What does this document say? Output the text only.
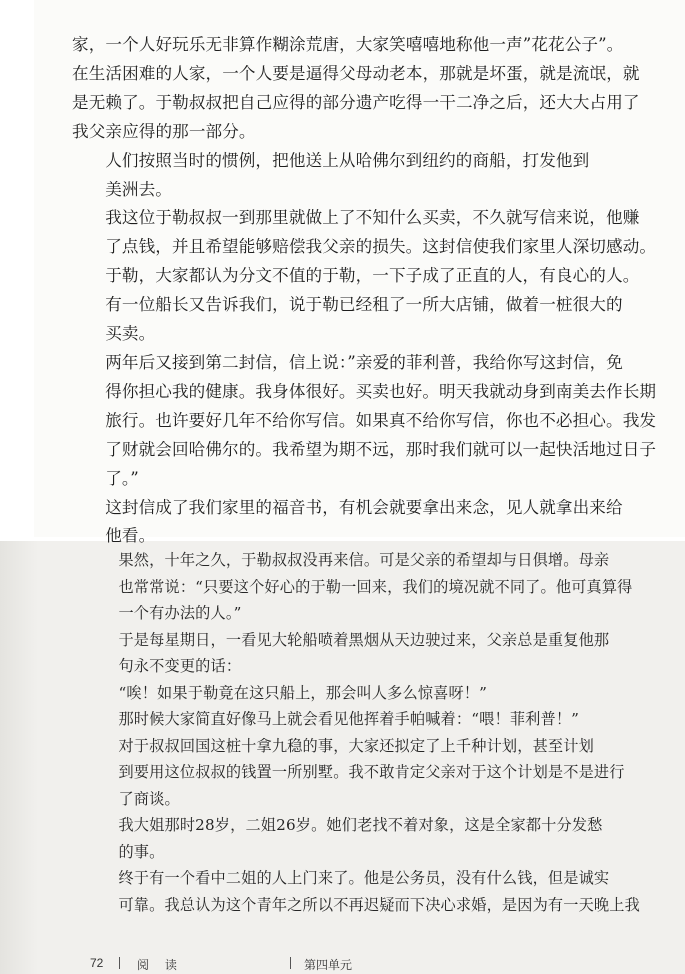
家，一个人好玩乐无非算作糊涂荒唐，大家笑嘻嘻地称他一声”花花公子”。
在生活困难的人家，一个人要是逼得父母动老本，那就是坏蛋，就是流氓，就
是无赖了。于勒叔叔把自己应得的部分遗产吃得一干二净之后，还大大占用了
我父亲应得的那一部分。

人们按照当时的惯例，把他送上从哈佛尔到纽约的商船，打发他到
美洲去。

我这位于勒叔叔一到那里就做上了不知什么买卖，不久就写信来说，他赚
了点钱，并且希望能够赔偿我父亲的损失。这封信使我们家里人深切感动。
于勒，大家都认为分文不值的于勒，一下子成了正直的人，有良心的人。

有一位船长又告诉我们，说于勒已经租了一所大店铺，做着一桩很大的
买卖。

两年后又接到第二封信，信上说：”亲爱的菲利普，我给你写这封信，免
得你担心我的健康。我身体很好。买卖也好。明天我就动身到南美去作长期
旅行。也许要好几年不给你写信。如果真不给你写信，你也不必担心。我发
了财就会回哈佛尔的。我希望为期不远，那时我们就可以一起快活地过日子
了。”

这封信成了我们家里的福音书，有机会就要拿出来念，见人就拿出来给
他看。

果然，十年之久，于勒叔叔没再来信。可是父亲的希望却与日俱增。母亲
也常常说：“只要这个好心的于勒一回来，我们的境况就不同了。他可真算得
一个有办法的人。”

于是每星期日，一看见大轮船喷着黑烟从天边驶过来，父亲总是重复他那
句永不变更的话：

“唉！如果于勒竟在这只船上，那会叫人多么惊喜呀！”

那时候大家简直好像马上就会看见他挥着手帕喊着：“喂！菲利普！”

对于叔叔回国这桩十拿九稳的事，大家还拟定了上千种计划，甚至计划
到要用这位叔叔的钱置一所别墅。我不敢肯定父亲对于这个计划是不是进行
了商谈。

我大姐那时28岁，二姐26岁。她们老找不着对象，这是全家都十分发愁
的事。

终于有一个看中二姐的人上门来了。他是公务员，没有什么钱，但是诚实
可靠。我总认为这个青年之所以不再迟疑而下决心求婚，是因为有一天晚上我

72	阅 读	第四单元
